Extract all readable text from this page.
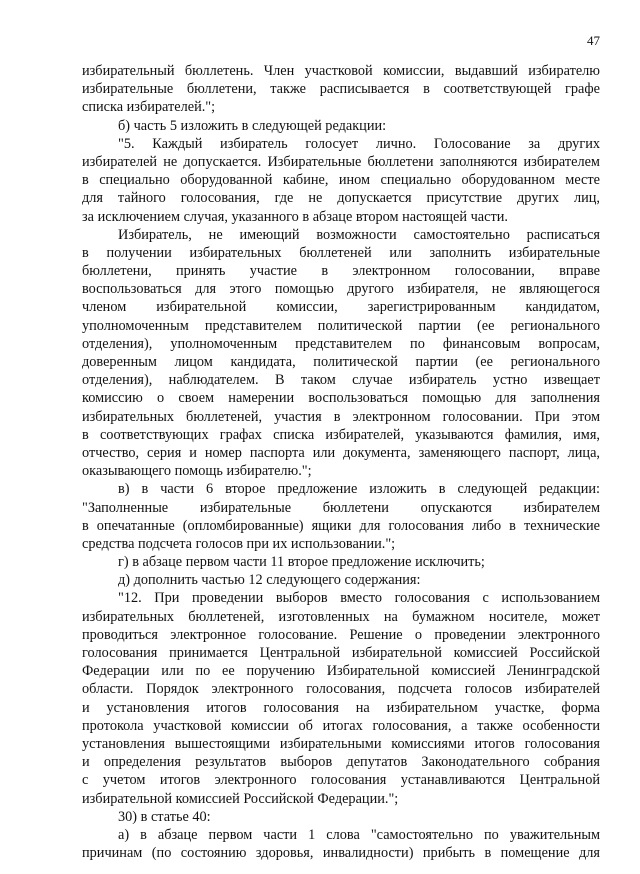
47
избирательный бюллетень. Член участковой комиссии, выдавший избирателю
избирательные бюллетени, также расписывается в соответствующей графе
списка избирателей.";
б) часть 5 изложить в следующей редакции:
"5. Каждый избиратель голосует лично. Голосование за других
избирателей не допускается. Избирательные бюллетени заполняются избирателем
в специально оборудованной кабине, ином специально оборудованном месте
для тайного голосования, где не допускается присутствие других лиц,
за исключением случая, указанного в абзаце втором настоящей части.
Избиратель, не имеющий возможности самостоятельно расписаться
в получении избирательных бюллетеней или заполнить избирательные
бюллетени, принять участие в электронном голосовании, вправе
воспользоваться для этого помощью другого избирателя, не являющегося
членом избирательной комиссии, зарегистрированным кандидатом,
уполномоченным представителем политической партии (ее регионального
отделения), уполномоченным представителем по финансовым вопросам,
доверенным лицом кандидата, политической партии (ее регионального
отделения), наблюдателем. В таком случае избиратель устно извещает
комиссию о своем намерении воспользоваться помощью для заполнения
избирательных бюллетеней, участия в электронном голосовании. При этом
в соответствующих графах списка избирателей, указываются фамилия, имя,
отчество, серия и номер паспорта или документа, заменяющего паспорт, лица,
оказывающего помощь избирателю.";
в) в части 6 второе предложение изложить в следующей редакции:
"Заполненные избирательные бюллетени опускаются избирателем
в опечатанные (опломбированные) ящики для голосования либо в технические
средства подсчета голосов при их использовании.";
г) в абзаце первом части 11 второе предложение исключить;
д) дополнить частью 12 следующего содержания:
"12. При проведении выборов вместо голосования с использованием
избирательных бюллетеней, изготовленных на бумажном носителе, может
проводиться электронное голосование. Решение о проведении электронного
голосования принимается Центральной избирательной комиссией Российской
Федерации или по ее поручению Избирательной комиссией Ленинградской
области. Порядок электронного голосования, подсчета голосов избирателей
и установления итогов голосования на избирательном участке, форма
протокола участковой комиссии об итогах голосования, а также особенности
установления вышестоящими избирательными комиссиями итогов голосования
и определения результатов выборов депутатов Законодательного собрания
с учетом итогов электронного голосования устанавливаются Центральной
избирательной комиссией Российской Федерации.";
30) в статье 40:
а) в абзаце первом части 1 слова "самостоятельно по уважительным
причинам (по состоянию здоровья, инвалидности) прибыть в помещение для
